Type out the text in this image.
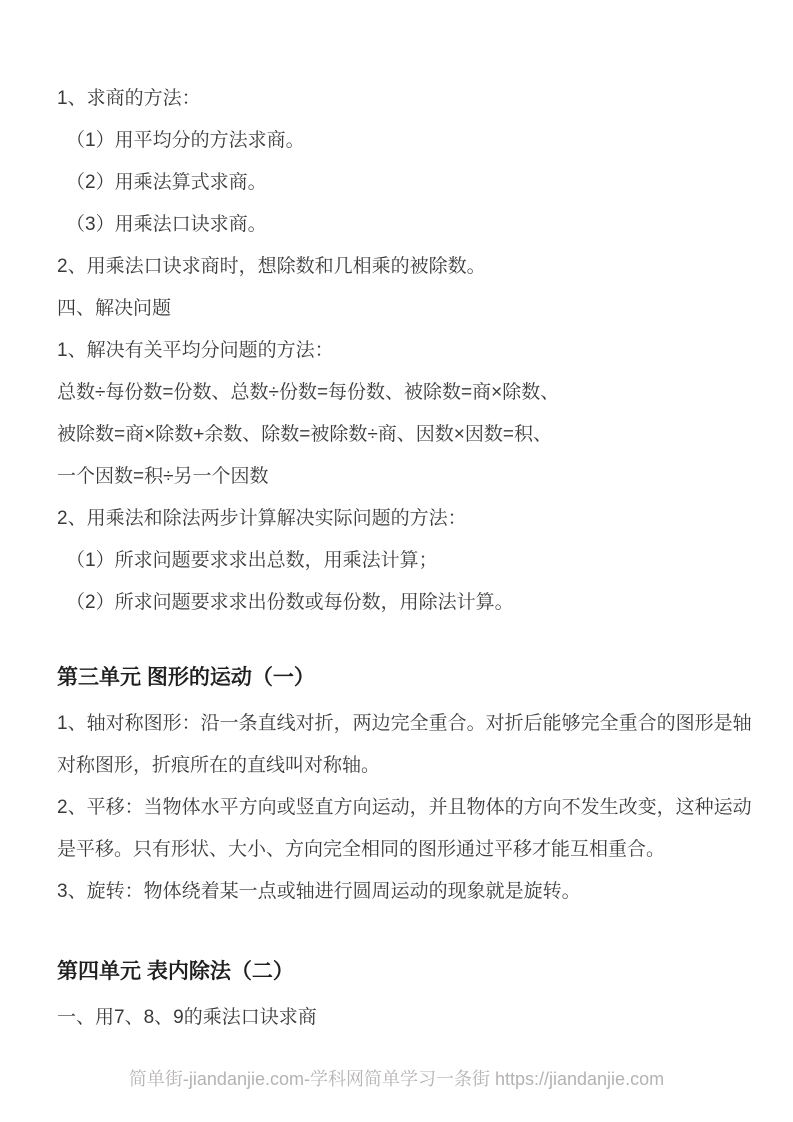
1、求商的方法：

（1）用平均分的方法求商。

（2）用乘法算式求商。

（3）用乘法口诀求商。

2、用乘法口诀求商时，想除数和几相乘的被除数。

四、解决问题

1、解决有关平均分问题的方法：

总数÷每份数=份数、总数÷份数=每份数、被除数=商×除数、

被除数=商×除数+余数、除数=被除数÷商、因数×因数=积、

一个因数=积÷另一个因数

2、用乘法和除法两步计算解决实际问题的方法：

（1）所求问题要求求出总数，用乘法计算；

（2）所求问题要求求出份数或每份数，用除法计算。

第三单元 图形的运动（一）

1、轴对称图形：沿一条直线对折，两边完全重合。对折后能够完全重合的图形是轴

对称图形，折痕所在的直线叫对称轴。

2、平移：当物体水平方向或竖直方向运动，并且物体的方向不发生改变，这种运动

是平移。只有形状、大小、方向完全相同的图形通过平移才能互相重合。

3、旋转：物体绕着某一点或轴进行圆周运动的现象就是旋转。

第四单元 表内除法（二）

一、用7、8、9的乘法口诀求商

简单街-jiandanjie.com-学科网简单学习一条街 https://jiandanjie.com
